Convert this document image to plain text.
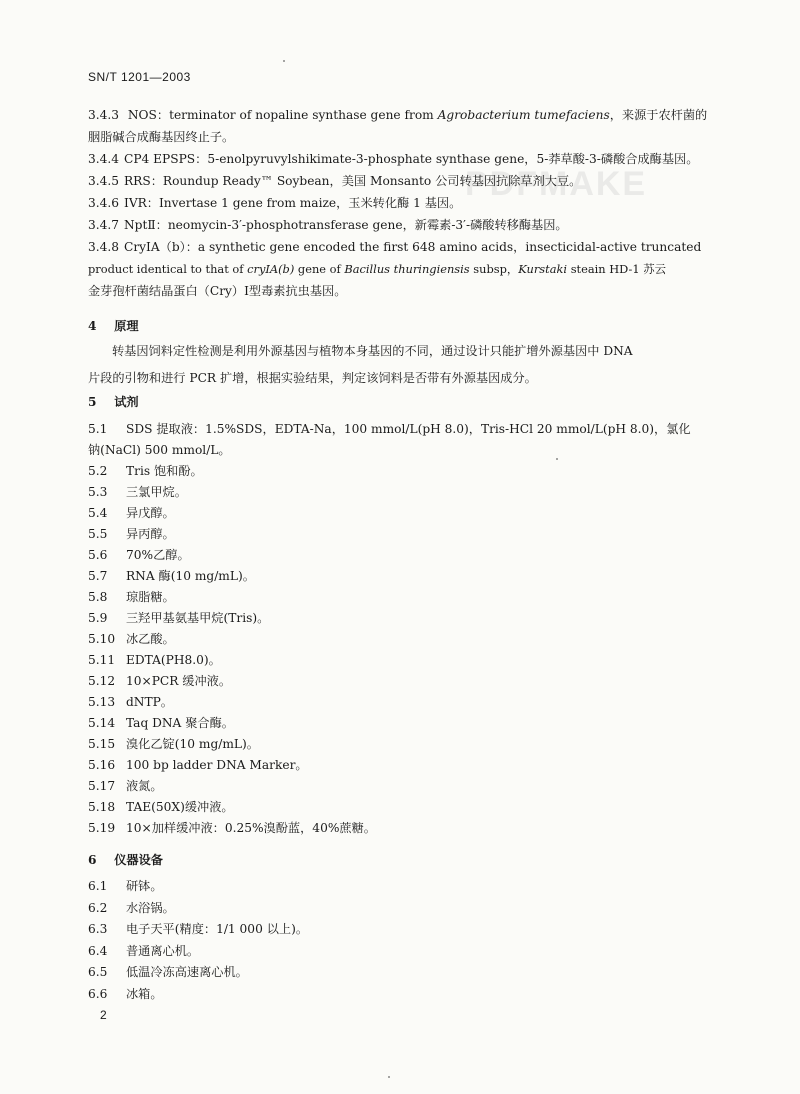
PDFMAKE
SN/T 1201—2003
3.4.3 NOS：terminator of nopaline synthase gene from Agrobacterium tumefaciens，来源于农杆菌的
胭脂碱合成酶基因终止子。
3.4.4 CP4 EPSPS：5-enolpyruvylshikimate-3-phosphate synthase gene，5-莽草酸-3-磷酸合成酶基因。
3.4.5 RRS：Roundup Ready™ Soybean，美国 Monsanto 公司转基因抗除草剂大豆。
3.4.6 IVR：Invertase 1 gene from maize，玉米转化酶 1 基因。
3.4.7 NptⅡ：neomycin-3′-phosphotransferase gene，新霉素-3′-磷酸转移酶基因。
3.4.8 CryIA（b）：a synthetic gene encoded the first 648 amino acids，insecticidal-active truncated
product identical to that of cryIA(b) gene of Bacillus thuringiensis subsp，Kurstaki steain HD-1 苏云
金芽孢杆菌结晶蛋白（Cry）Ⅰ型毒素抗虫基因。
4 原理
转基因饲料定性检测是利用外源基因与植物本身基因的不同，通过设计只能扩增外源基因中 DNA
片段的引物和进行 PCR 扩增，根据实验结果，判定该饲料是否带有外源基因成分。
5 试剂
5.1 SDS 提取液：1.5%SDS，EDTA-Na，100 mmol/L(pH 8.0)，Tris-HCl 20 mmol/L(pH 8.0)，氯化
钠(NaCl) 500 mmol/L。
5.2 Tris 饱和酚。
5.3 三氯甲烷。
5.4 异戊醇。
5.5 异丙醇。
5.6 70%乙醇。
5.7 RNA 酶(10 mg/mL)。
5.8 琼脂糖。
5.9 三羟甲基氨基甲烷(Tris)。
5.10 冰乙酸。
5.11 EDTA(PH8.0)。
5.12 10×PCR 缓冲液。
5.13 dNTP。
5.14 Taq DNA 聚合酶。
5.15 溴化乙锭(10 mg/mL)。
5.16 100 bp ladder DNA Marker。
5.17 液氮。
5.18 TAE(50X)缓冲液。
5.19 10×加样缓冲液：0.25%溴酚蓝，40%蔗糖。
6 仪器设备
6.1 研钵。
6.2 水浴锅。
6.3 电子天平(精度：1/1 000 以上)。
6.4 普通离心机。
6.5 低温冷冻高速离心机。
6.6 冰箱。
2
